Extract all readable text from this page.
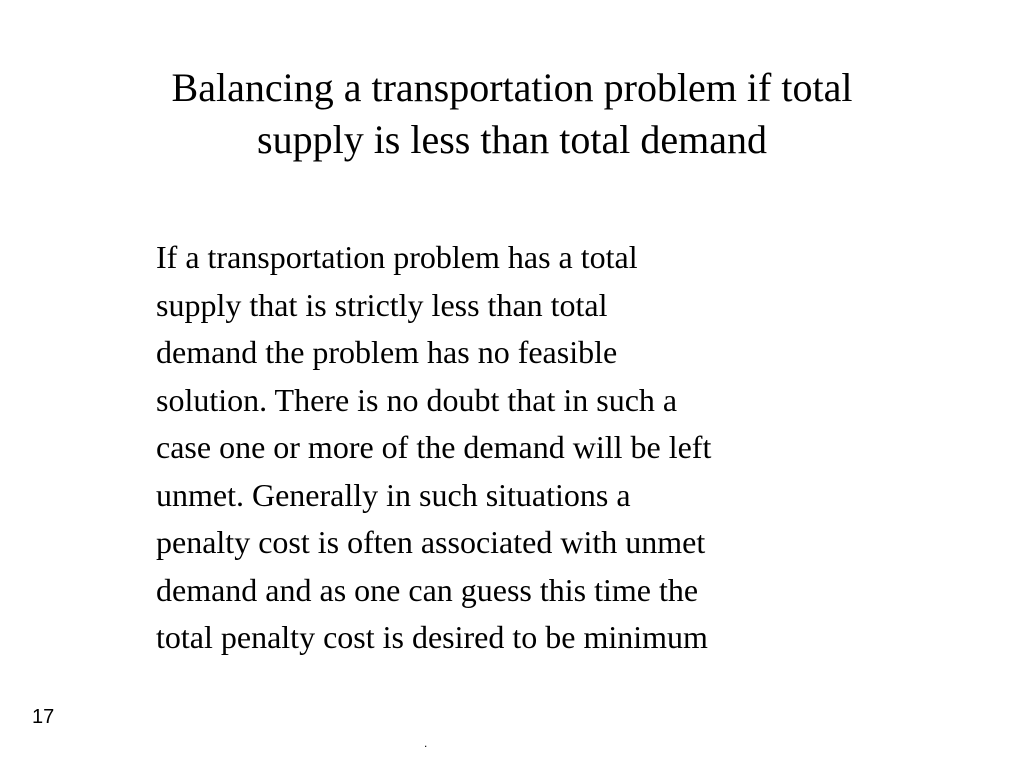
Balancing a transportation problem if total
supply is less than total demand
If a transportation problem has a total
supply that is strictly less than total
demand the problem has no feasible
solution. There is no doubt that in such a
case one or more of the demand will be left
unmet. Generally in such situations a
penalty cost is often associated with unmet
demand and as one can guess this time the
total penalty cost is desired to be minimum
17
.
